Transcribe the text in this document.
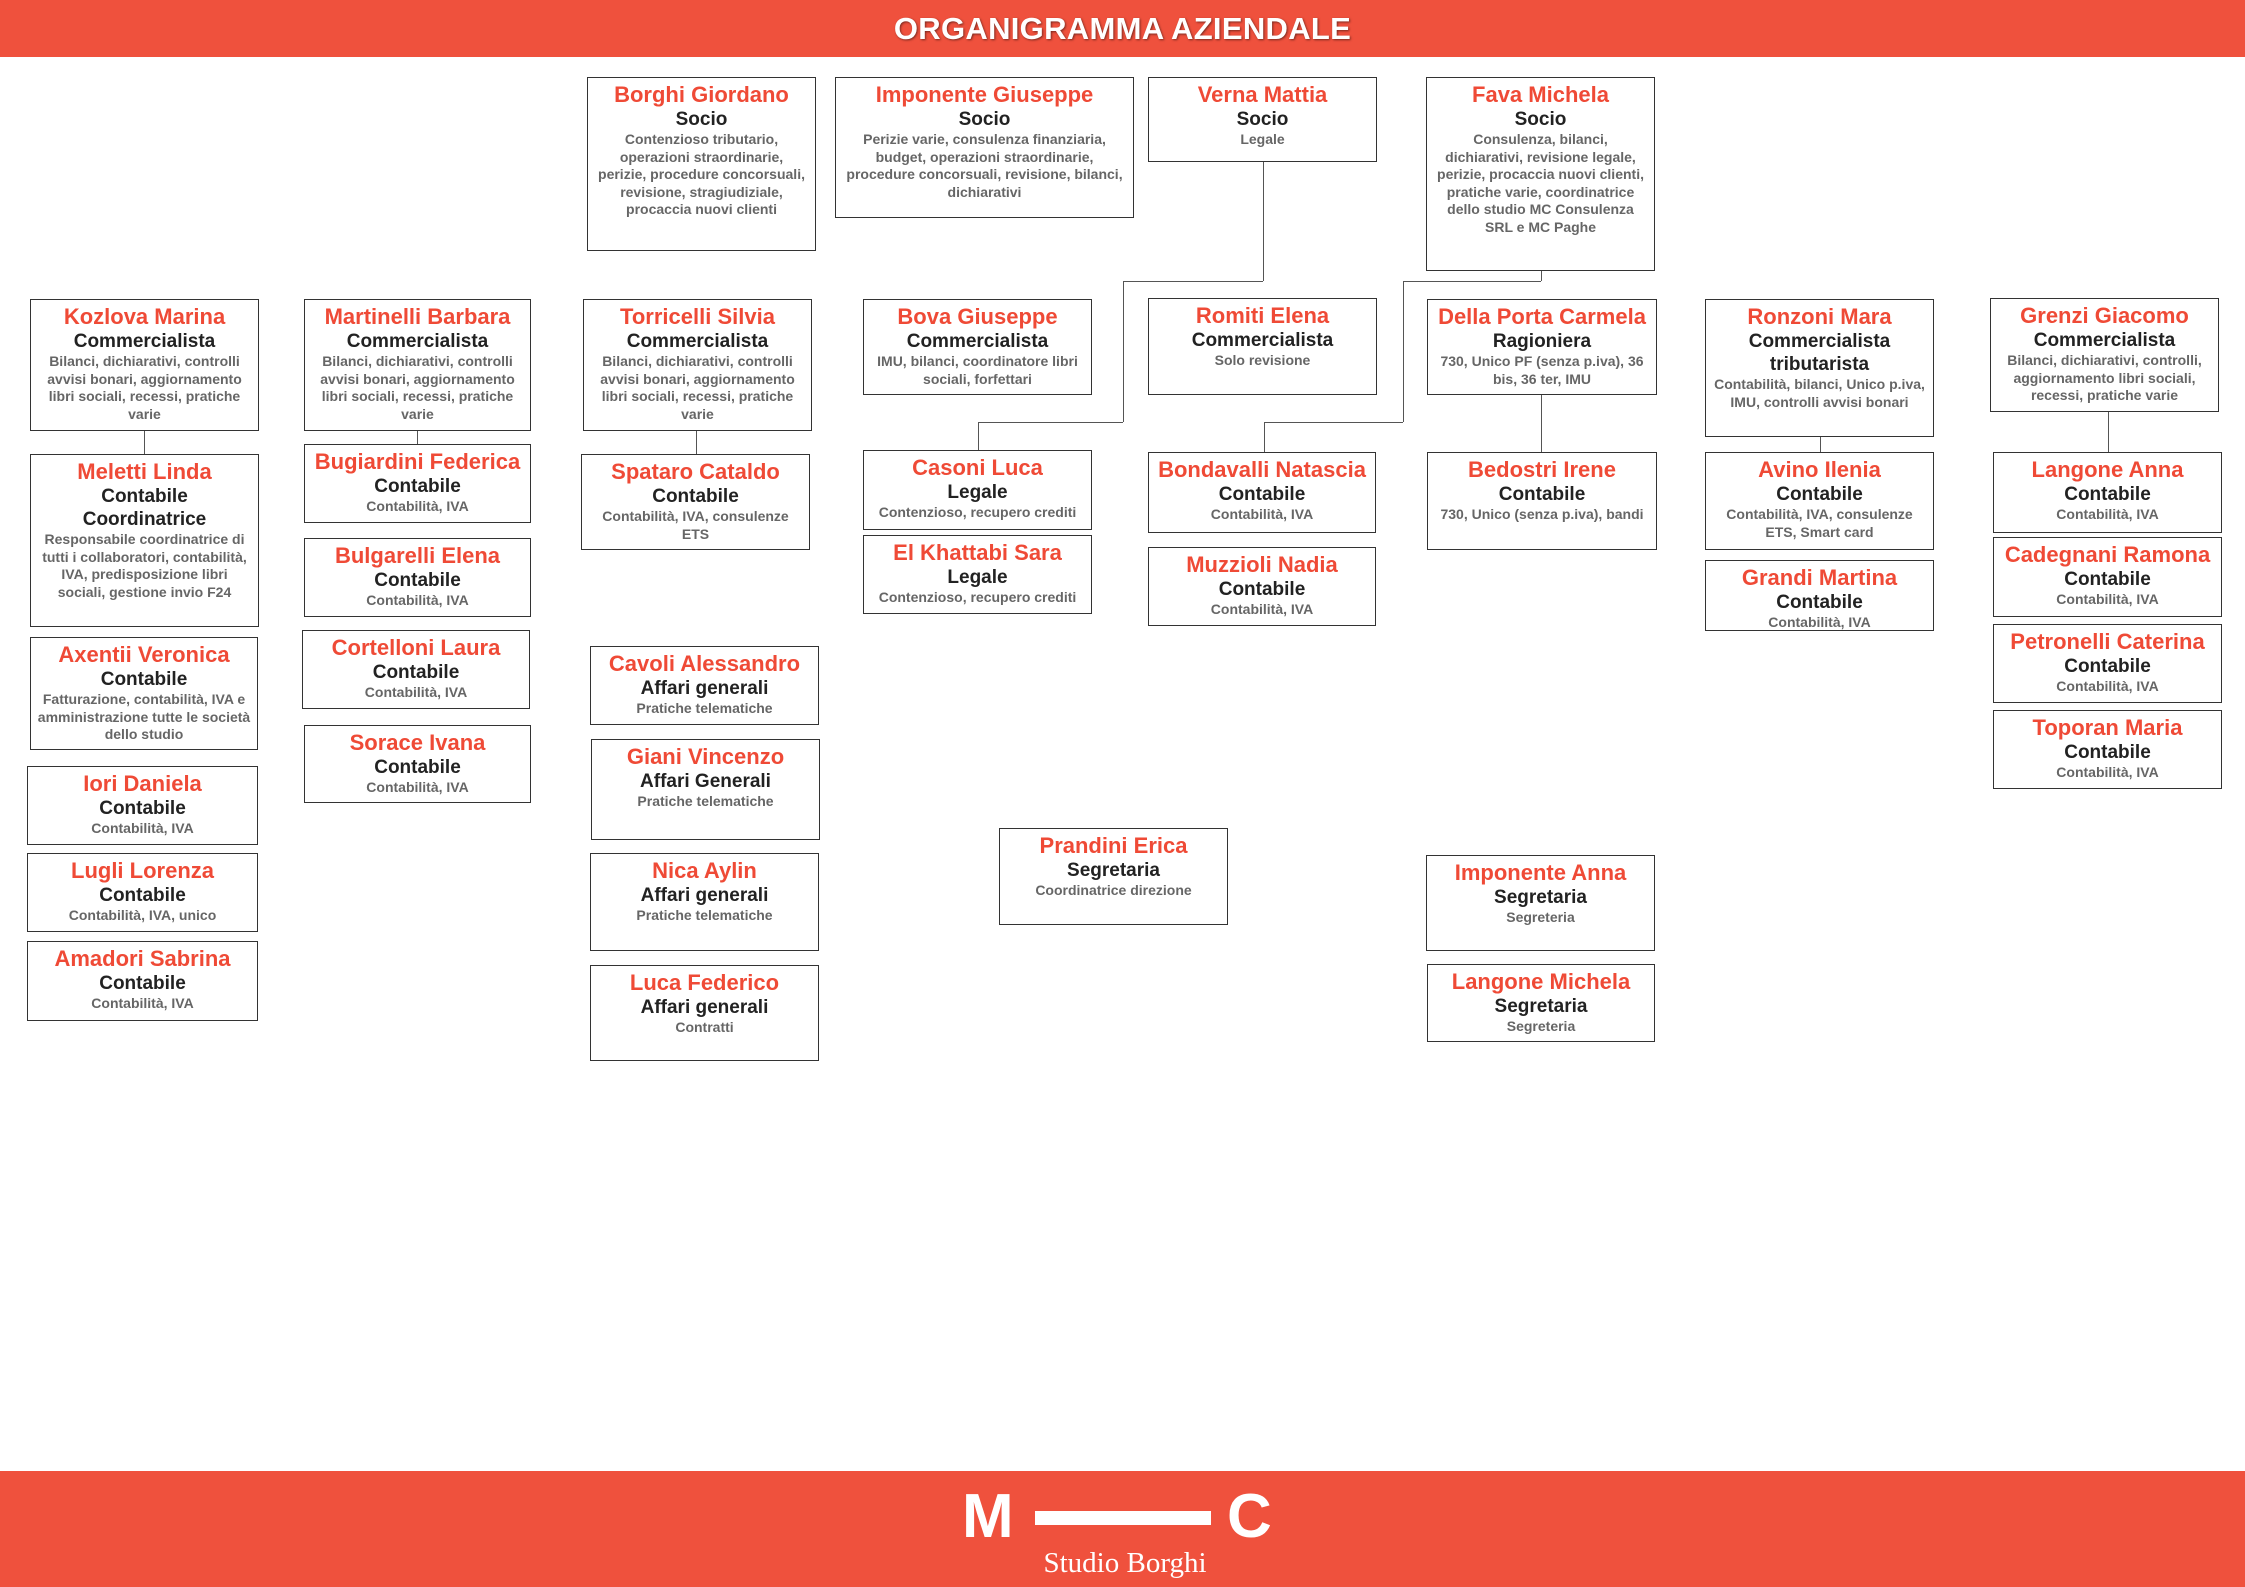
ORGANIGRAMMA AZIENDALE
Borghi Giordano
Socio
Contenzioso tributario, operazioni straordinarie, perizie, procedure concorsuali, revisione, stragiudiziale, procaccia nuovi clienti
Imponente Giuseppe
Socio
Perizie varie, consulenza finanziaria, budget, operazioni straordinarie, procedure concorsuali, revisione, bilanci, dichiarativi
Verna Mattia
Socio
Legale
Fava Michela
Socio
Consulenza, bilanci, dichiarativi, revisione legale, perizie, procaccia nuovi clienti, pratiche varie, coordinatrice dello studio MC Consulenza SRL e MC Paghe
Kozlova Marina
Commercialista
Bilanci, dichiarativi, controlli avvisi bonari, aggiornamento libri sociali, recessi, pratiche varie
Martinelli Barbara
Commercialista
Bilanci, dichiarativi, controlli avvisi bonari, aggiornamento libri sociali, recessi, pratiche varie
Torricelli Silvia
Commercialista
Bilanci, dichiarativi, controlli avvisi bonari, aggiornamento libri sociali, recessi, pratiche varie
Bova Giuseppe
Commercialista
IMU, bilanci, coordinatore libri sociali, forfettari
Romiti Elena
Commercialista
Solo revisione
Della Porta Carmela
Ragioniera
730, Unico PF (senza p.iva), 36 bis, 36 ter, IMU
Ronzoni Mara
Commercialista tributarista
Contabilità, bilanci, Unico p.iva, IMU, controlli avvisi bonari
Grenzi Giacomo
Commercialista
Bilanci, dichiarativi, controlli, aggiornamento libri sociali, recessi, pratiche varie
Meletti Linda
Contabile Coordinatrice
Responsabile coordinatrice di tutti i collaboratori, contabilità, IVA, predisposizione libri sociali, gestione invio F24
Axentii Veronica
Contabile
Fatturazione, contabilità, IVA e amministrazione tutte le società dello studio
Iori Daniela
Contabile
Contabilità, IVA
Lugli Lorenza
Contabile
Contabilità, IVA, unico
Amadori Sabrina
Contabile
Contabilità, IVA
Bugiardini Federica
Contabile
Contabilità, IVA
Bulgarelli Elena
Contabile
Contabilità, IVA
Cortelloni Laura
Contabile
Contabilità, IVA
Sorace Ivana
Contabile
Contabilità, IVA
Spataro Cataldo
Contabile
Contabilità, IVA, consulenze ETS
Cavoli Alessandro
Affari generali
Pratiche telematiche
Giani Vincenzo
Affari Generali
Pratiche telematiche
Nica Aylin
Affari generali
Pratiche telematiche
Luca Federico
Affari generali
Contratti
Casoni Luca
Legale
Contenzioso, recupero crediti
El Khattabi Sara
Legale
Contenzioso, recupero crediti
Prandini Erica
Segretaria
Coordinatrice direzione
Bondavalli Natascia
Contabile
Contabilità, IVA
Muzzioli Nadia
Contabile
Contabilità, IVA
Bedostri Irene
Contabile
730, Unico (senza p.iva), bandi
Imponente Anna
Segretaria
Segreteria
Langone Michela
Segretaria
Segreteria
Avino Ilenia
Contabile
Contabilità, IVA, consulenze ETS, Smart card
Grandi Martina
Contabile
Contabilità, IVA
Langone Anna
Contabile
Contabilità, IVA
Cadegnani Ramona
Contabile
Contabilità, IVA
Petronelli Caterina
Contabile
Contabilità, IVA
Toporan Maria
Contabile
Contabilità, IVA
M	C
Studio Borghi
